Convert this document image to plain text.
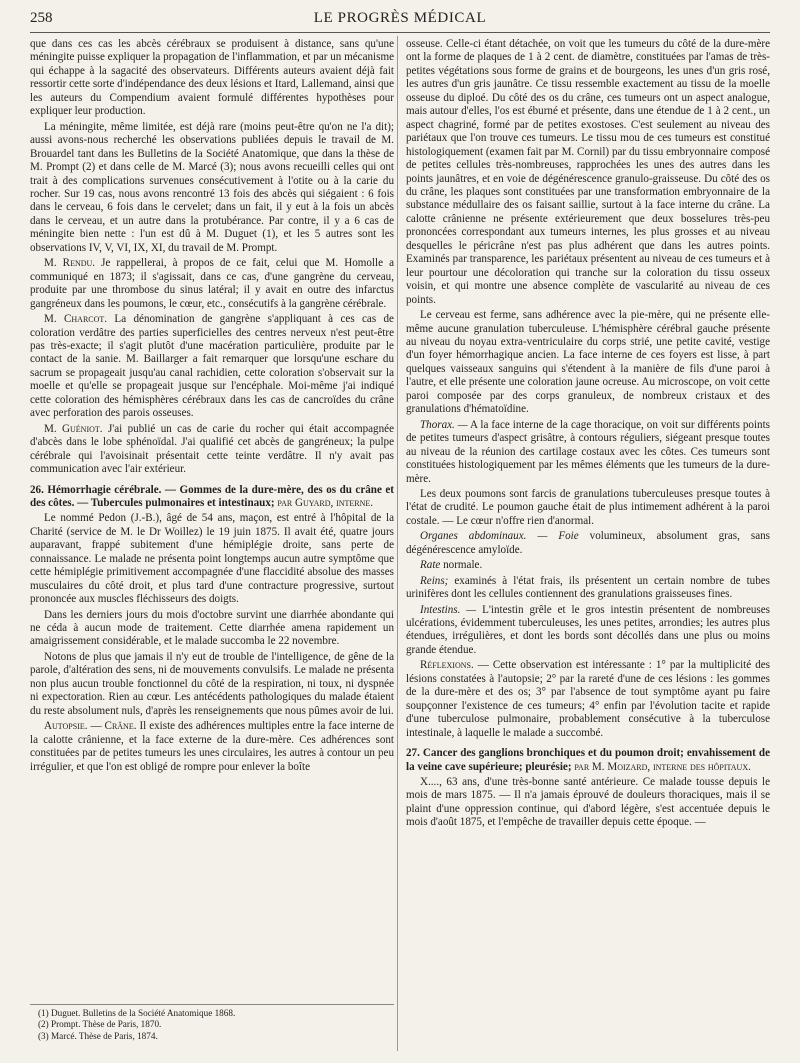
258	LE PROGRÈS MÉDICAL

que dans ces cas les abcès cérébraux se produisent à distance, sans qu'une méningite puisse expliquer la propagation de l'inflammation, et par un mécanisme qui échappe à la sagacité des observateurs. Différents auteurs avaient déjà fait ressortir cette sorte d'indépendance des deux lésions et Itard, Lallemand, ainsi que les auteurs du Compendium avaient formulé différentes hypothèses pour expliquer leur production.

La méningite, même limitée, est déjà rare (moins peut-être qu'on ne l'a dit); aussi avons-nous recherché les observations publiées depuis le travail de M. Brouardel tant dans les Bulletins de la Société Anatomique, que dans la thèse de M. Prompt (2) et dans celle de M. Marcé (3); nous avons recueilli celles qui ont trait à des complications survenues consécutivement à l'otite ou à la carie du rocher. Sur 19 cas, nous avons rencontré 13 fois des abcès qui siégaient : 6 fois dans le cerveau, 6 fois dans le cervelet; dans un fait, il y eut à la fois un abcès dans le cerveau, et un autre dans la protubérance. Par contre, il y a 6 cas de méningite bien nette : l'un est dû à M. Duguet (1), et les 5 autres sont les observations IV, V, VI, IX, XI, du travail de M. Prompt.

M. Rendu. Je rappellerai, à propos de ce fait, celui que M. Homolle a communiqué en 1873; il s'agissait, dans ce cas, d'une gangrène du cerveau, produite par une thrombose du sinus latéral; il y avait en outre des infarctus gangréneux dans les poumons, le cœur, etc., consécutifs à la gangrène cérébrale.

M. Charcot. La dénomination de gangrène s'appliquant à ces cas de coloration verdâtre des parties superficielles des centres nerveux n'est peut-être pas très-exacte; il s'agit plutôt d'une macération particulière, produite par le contact de la sanie. M. Baillarger a fait remarquer que lorsqu'une eschare du sacrum se propageait jusqu'au canal rachidien, cette coloration s'observait sur la moelle et qu'elle se propageait jusque sur l'encéphale. Moi-même j'ai indiqué cette coloration des hémisphères cérébraux dans les cas de cancroïdes du crâne avec perforation des parois osseuses.

M. Guéniot. J'ai publié un cas de carie du rocher qui était accompagnée d'abcès dans le lobe sphénoïdal. J'ai qualifié cet abcès de gangréneux; la pulpe cérébrale qui l'avoisinait présentait cette teinte verdâtre. Il n'y avait pas communication avec l'air extérieur.

26. Hémorrhagie cérébrale. — Gommes de la dure-mère, des os du crâne et des côtes. — Tubercules pulmonaires et intestinaux; par Guyard, interne.

Le nommé Pedon (J.-B.), âgé de 54 ans, maçon, est entré à l'hôpital de la Charité (service de M. le Dr Woillez) le 19 juin 1875. Il avait été, quatre jours auparavant, frappé subitement d'une hémiplégie droite, sans perte de connaissance. Le malade ne présenta point longtemps aucun autre symptôme que cette hémiplégie primitivement accompagnée d'une flaccidité absolue des masses musculaires du côté droit, et plus tard d'une contracture progressive, surtout prononcée aux muscles fléchisseurs des doigts.

Dans les derniers jours du mois d'octobre survint une diarrhée abondante qui ne céda à aucun mode de traitement. Cette diarrhée amena rapidement un amaigrissement considérable, et le malade succomba le 22 novembre.

Notons de plus que jamais il n'y eut de trouble de l'intelligence, de gêne de la parole, d'altération des sens, ni de mouvements convulsifs. Le malade ne présenta non plus aucun trouble fonctionnel du côté de la respiration, ni toux, ni dyspnée ni expectoration. Rien au cœur. Les antécédents pathologiques du malade étaient du reste absolument nuls, d'après les renseignements que nous pûmes avoir de lui.

Autopsie. — Crâne. Il existe des adhérences multiples entre la face interne de la calotte crânienne, et la face externe de la dure-mère. Ces adhérences sont constituées par de petites tumeurs les unes circulaires, les autres à contour un peu irrégulier, et que l'on est obligé de rompre pour enlever la boîte

(1) Duguet. Bulletins de la Société Anatomique 1868.
(2) Prompt. Thèse de Paris, 1870.
(3) Marcé. Thèse de Paris, 1874.

osseuse. Celle-ci étant détachée, on voit que les tumeurs du côté de la dure-mère ont la forme de plaques de 1 à 2 cent. de diamètre, constituées par l'amas de très-petites végétations sous forme de grains et de bourgeons, les unes d'un gris rosé, les autres d'un gris jaunâtre. Ce tissu ressemble exactement au tissu de la moelle osseuse du diploé. Du côté des os du crâne, ces tumeurs ont un aspect analogue, mais autour d'elles, l'os est éburné et présente, dans une étendue de 1 à 2 cent., un aspect chagriné, formé par de petites exostoses. C'est seulement au niveau des pariétaux que l'on trouve ces tumeurs. Le tissu mou de ces tumeurs est constitué histologiquement (examen fait par M. Cornil) par du tissu embryonnaire composé de petites cellules très-nombreuses, rapprochées les unes des autres dans les points jaunâtres, et en voie de dégénérescence granulo-graisseuse. Du côté des os du crâne, les plaques sont constituées par une transformation embryonnaire de la substance médullaire des os faisant saillie, surtout à la face interne du crâne. La calotte crânienne ne présente extérieurement que deux bosselures très-peu prononcées correspondant aux tumeurs internes, les plus grosses et au niveau desquelles le péricrâne n'est pas plus adhérent que dans les autres points. Examinés par transparence, les pariétaux présentent au niveau de ces tumeurs et à leur pourtour une décoloration qui tranche sur la coloration du tissu osseux voisin, et qui montre une absence complète de vascularité au niveau de ces points.

Le cerveau est ferme, sans adhérence avec la pie-mère, qui ne présente elle-même aucune granulation tuberculeuse. L'hémisphère cérébral gauche présente au niveau du noyau extra-ventriculaire du corps strié, une petite cavité, vestige d'un foyer hémorrhagique ancien. La face interne de ces foyers est lisse, à part quelques vaisseaux sanguins qui s'étendent à la manière de fils d'une paroi à l'autre, et elle présente une coloration jaune ocreuse. Au microscope, on voit cette paroi composée par des corps granuleux, de nombreux cristaux et des granulations d'hématoïdine.

Thorax. — A la face interne de la cage thoracique, on voit sur différents points de petites tumeurs d'aspect grisâtre, à contours réguliers, siégeant presque toutes au niveau de la réunion des cartilage costaux avec les côtes. Ces tumeurs sont constituées histologiquement par les mêmes éléments que les tumeurs de la dure-mère.

Les deux poumons sont farcis de granulations tuberculeuses presque toutes à l'état de crudité. Le poumon gauche était de plus intimement adhérent à la paroi costale. — Le cœur n'offre rien d'anormal.

Organes abdominaux. — Foie volumineux, absolument gras, sans dégénérescence amyloïde.

Rate normale.

Reins; examinés à l'état frais, ils présentent un certain nombre de tubes urinifères dont les cellules contiennent des granulations graisseuses fines.

Intestins. — L'intestin grêle et le gros intestin présentent de nombreuses ulcérations, évidemment tuberculeuses, les unes petites, arrondies; les autres plus étendues, irrégulières, et dont les bords sont décollés dans une plus ou moins grande étendue.

Réflexions. — Cette observation est intéressante : 1° par la multiplicité des lésions constatées à l'autopsie; 2° par la rareté d'une de ces lésions : les gommes de la dure-mère et des os; 3° par l'absence de tout symptôme ayant pu faire soupçonner l'existence de ces tumeurs; 4° enfin par l'évolution tacite et rapide d'une tuberculose pulmonaire, probablement consécutive à la tuberculose intestinale, à laquelle le malade a succombé.

27. Cancer des ganglions bronchiques et du poumon droit; envahissement de la veine cave supérieure; pleurésie; par M. Moizard, interne des hôpitaux.

X...., 63 ans, d'une très-bonne santé antérieure. Ce malade tousse depuis le mois de mars 1875. — Il n'a jamais éprouvé de douleurs thoraciques, mais il se plaint d'une oppression continue, qui d'abord légère, s'est accentuée depuis le mois d'août 1875, et l'empêche de travailler depuis cette époque. —
